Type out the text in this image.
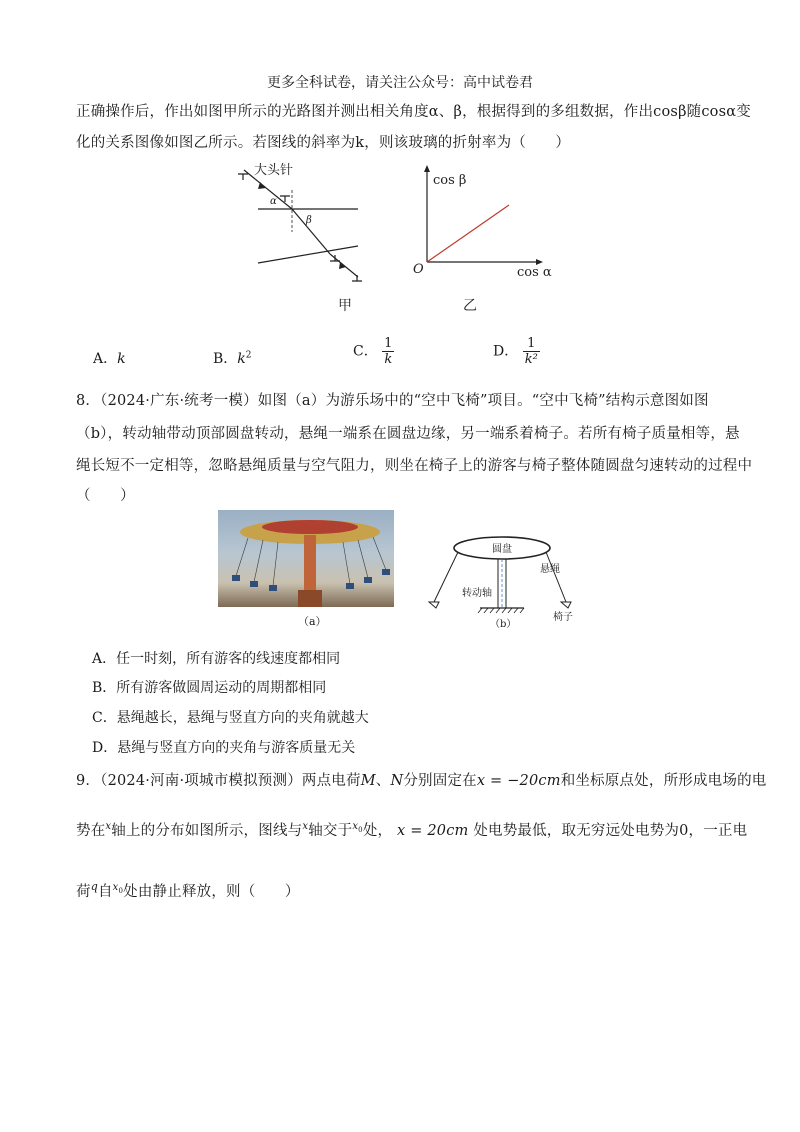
更多全科试卷，请关注公众号：高中试卷君
正确操作后，作出如图甲所示的光路图并测出相关角度α、β，根据得到的多组数据，作出cosβ随cosα变
化的关系图像如图乙所示。若图线的斜率为k，则该玻璃的折射率为（　　）
大头针
α
β
甲
cos β
cos α
O
乙
A．k	B．$k^2$	C． $\frac{1}{k}$	D． $\frac{1}{\text{k²}}$
8．（2024·广东·统考一模）如图（a）为游乐场中的“空中飞椅”项目。“空中飞椅”结构示意图如图
（b），转动轴带动顶部圆盘转动，悬绳一端系在圆盘边缘，另一端系着椅子。若所有椅子质量相等，悬
绳长短不一定相等，忽略悬绳质量与空气阻力，则坐在椅子上的游客与椅子整体随圆盘匀速转动的过程中
（　　）
（a）
圆盘
悬绳
转动轴
椅子
（b）
A．任一时刻，所有游客的线速度都相同
B．所有游客做圆周运动的周期都相同
C．悬绳越长，悬绳与竖直方向的夹角就越大
D．悬绳与竖直方向的夹角与游客质量无关
9．（2024·河南·项城市模拟预测）两点电荷M、N分别固定在x = −20cm和坐标原点处，所形成电场的电
势在$^x$轴上的分布如图所示，图线与$^x$轴交于$^{x_0}$处， x = 20cm 处电势最低，取无穷远处电势为0，一正电
荷$^q$自$^{x_0}$处由静止释放，则（　　）
